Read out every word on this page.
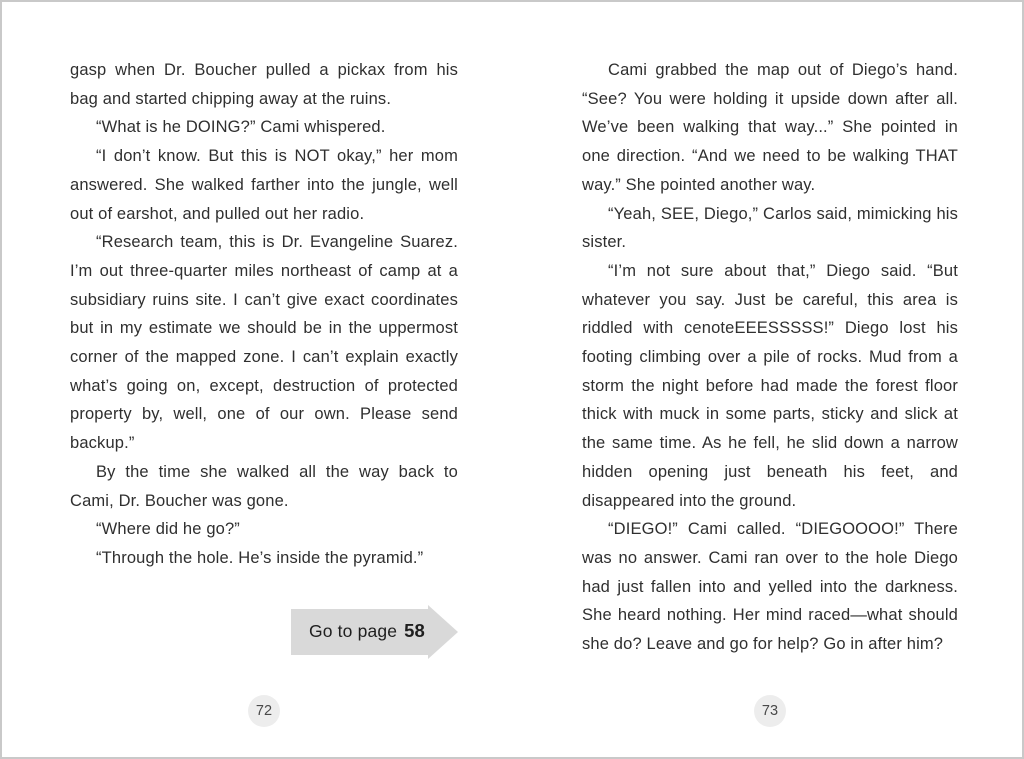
gasp when Dr. Boucher pulled a pickax from his bag and started chipping away at the ruins.

“What is he DOING?” Cami whispered.

“I don’t know. But this is NOT okay,” her mom answered. She walked farther into the jungle, well out of earshot, and pulled out her radio.

“Research team, this is Dr. Evangeline Suarez. I’m out three-quarter miles northeast of camp at a subsidiary ruins site. I can’t give exact coordinates but in my estimate we should be in the uppermost corner of the mapped zone. I can’t explain exactly what’s going on, except, destruction of protected property by, well, one of our own. Please send backup.”

By the time she walked all the way back to Cami, Dr. Boucher was gone.

“Where did he go?”

“Through the hole. He’s inside the pyramid.”

Go to page 58

Cami grabbed the map out of Diego’s hand. “See? You were holding it upside down after all. We’ve been walking that way...” She pointed in one direction. “And we need to be walking THAT way.” She pointed another way.

“Yeah, SEE, Diego,” Carlos said, mimicking his sister.

“I’m not sure about that,” Diego said. “But whatever you say. Just be careful, this area is riddled with cenoteEEESSSSS!” Diego lost his footing climbing over a pile of rocks. Mud from a storm the night before had made the forest floor thick with muck in some parts, sticky and slick at the same time. As he fell, he slid down a narrow hidden opening just beneath his feet, and disappeared into the ground.

“DIEGO!” Cami called. “DIEGOOOO!” There was no answer. Cami ran over to the hole Diego had just fallen into and yelled into the darkness. She heard nothing. Her mind raced—what should she do? Leave and go for help? Go in after him?

72	73
